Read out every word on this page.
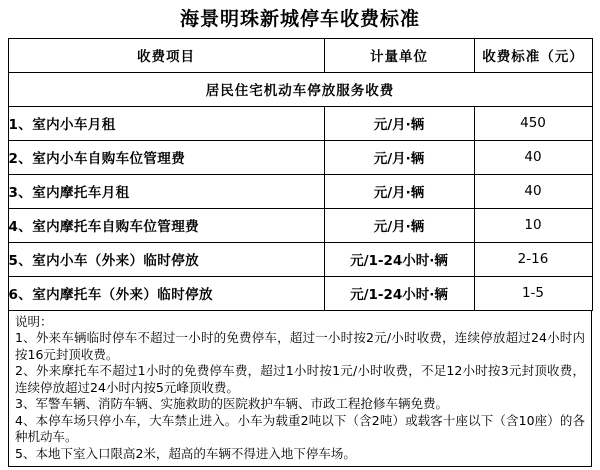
海景明珠新城停车收费标准
收费项目	计量单位	收费标准（元）
居民住宅机动车停放服务收费		
1、室内小车月租	元/月·辆	450
2、室内小车自购车位管理费	元/月·辆	40
3、室内摩托车月租	元/月·辆	40
4、室内摩托车自购车位管理费	元/月·辆	10
5、室内小车（外来）临时停放	元/1-24小时·辆	2-16
6、室内摩托车（外来）临时停放	元/1-24小时·辆	1-5
说明：
1、外来车辆临时停车不超过一小时的免费停车，超过一小时按2元/小时收费，连续停放超过24小时内按16元封顶收费。
2、外来摩托车不超过1小时的免费停车费，超过1小时按1元/小时收费，不足12小时按3元封顶收费，连续停放超过24小时内按5元峰顶收费。
3、军警车辆、消防车辆、实施救助的医院救护车辆、市政工程抢修车辆免费。
4、本停车场只停小车，大车禁止进入。小车为载重2吨以下（含2吨）或载客十座以下（含10座）的各种机动车。
5、本地下室入口限高2米，超高的车辆不得进入地下停车场。
